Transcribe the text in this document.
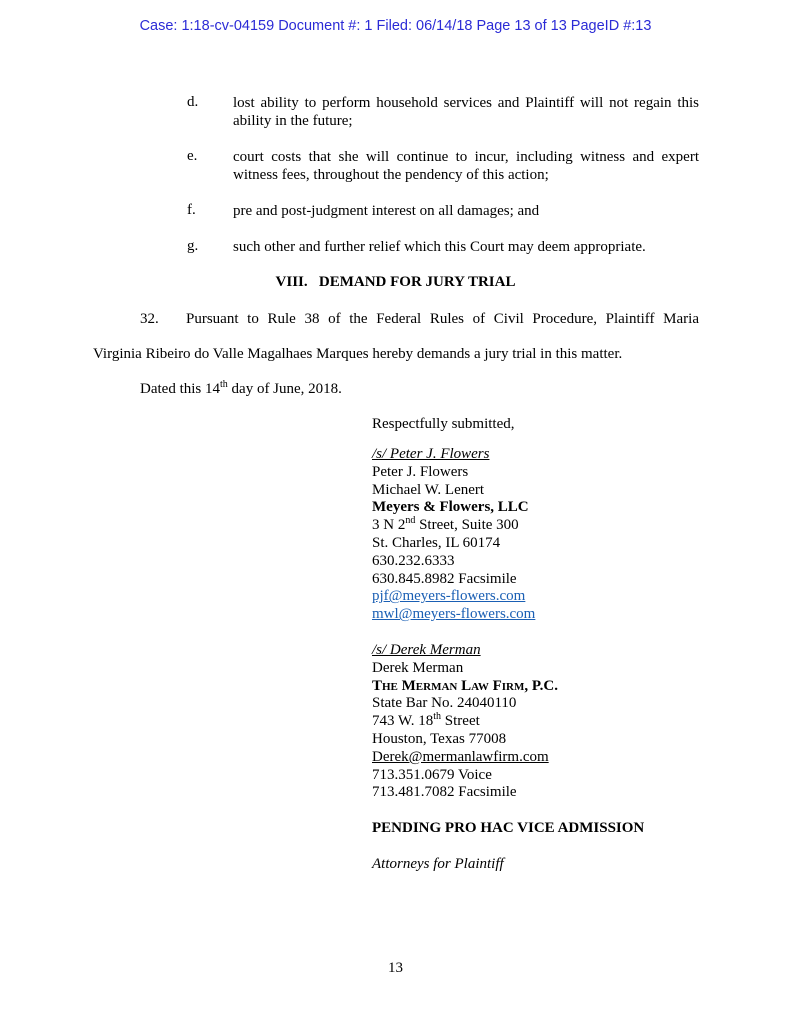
Case: 1:18-cv-04159 Document #: 1 Filed: 06/14/18 Page 13 of 13 PageID #:13
d. lost ability to perform household services and Plaintiff will not regain this
ability in the future;
e. court costs that she will continue to incur, including witness and expert
witness fees, throughout the pendency of this action;
f. pre and post-judgment interest on all damages; and
g. such other and further relief which this Court may deem appropriate.
VIII. DEMAND FOR JURY TRIAL
32. Pursuant to Rule 38 of the Federal Rules of Civil Procedure, Plaintiff Maria
Virginia Ribeiro do Valle Magalhaes Marques hereby demands a jury trial in this matter.
Dated this 14th day of June, 2018.
Respectfully submitted,
/s/ Peter J. Flowers
Peter J. Flowers
Michael W. Lenert
Meyers & Flowers, LLC
3 N 2nd Street, Suite 300
St. Charles, IL 60174
630.232.6333
630.845.8982 Facsimile
pjf@meyers-flowers.com
mwl@meyers-flowers.com
/s/ Derek Merman
Derek Merman
The Merman Law Firm, P.C.
State Bar No. 24040110
743 W. 18th Street
Houston, Texas 77008
Derek@mermanlawfirm.com
713.351.0679 Voice
713.481.7082 Facsimile
PENDING PRO HAC VICE ADMISSION
Attorneys for Plaintiff
13
